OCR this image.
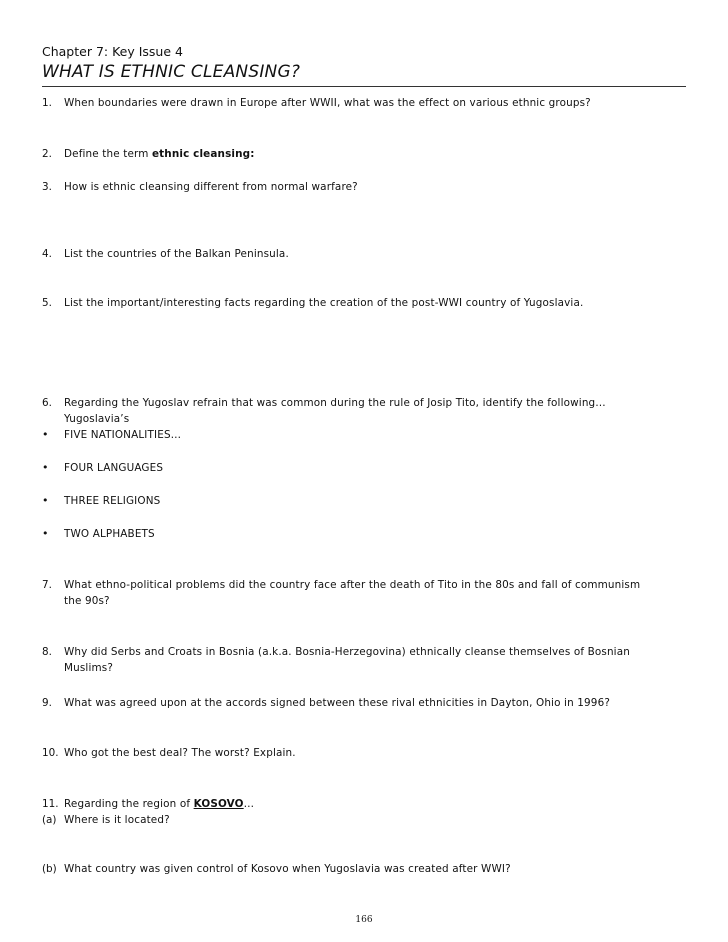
Chapter 7: Key Issue 4
WHAT IS ETHNIC CLEANSING?
1. When boundaries were drawn in Europe after WWII, what was the effect on various ethnic groups?
2. Define the term ethnic cleansing:
3. How is ethnic cleansing different from normal warfare?
4. List the countries of the Balkan Peninsula.
5. List the important/interesting facts regarding the creation of the post-WWI country of Yugoslavia.
6. Regarding the Yugoslav refrain that was common during the rule of Josip Tito, identify the following…
Yugoslavia’s
• FIVE NATIONALITIES…
• FOUR LANGUAGES
• THREE RELIGIONS
• TWO ALPHABETS
7. What ethno-political problems did the country face after the death of Tito in the 80s and fall of communism
the 90s?
8. Why did Serbs and Croats in Bosnia (a.k.a. Bosnia-Herzegovina) ethnically cleanse themselves of Bosnian
Muslims?
9. What was agreed upon at the accords signed between these rival ethnicities in Dayton, Ohio in 1996?
10. Who got the best deal? The worst? Explain.
11. Regarding the region of KOSOVO…
(a) Where is it located?
(b) What country was given control of Kosovo when Yugoslavia was created after WWI?
166
